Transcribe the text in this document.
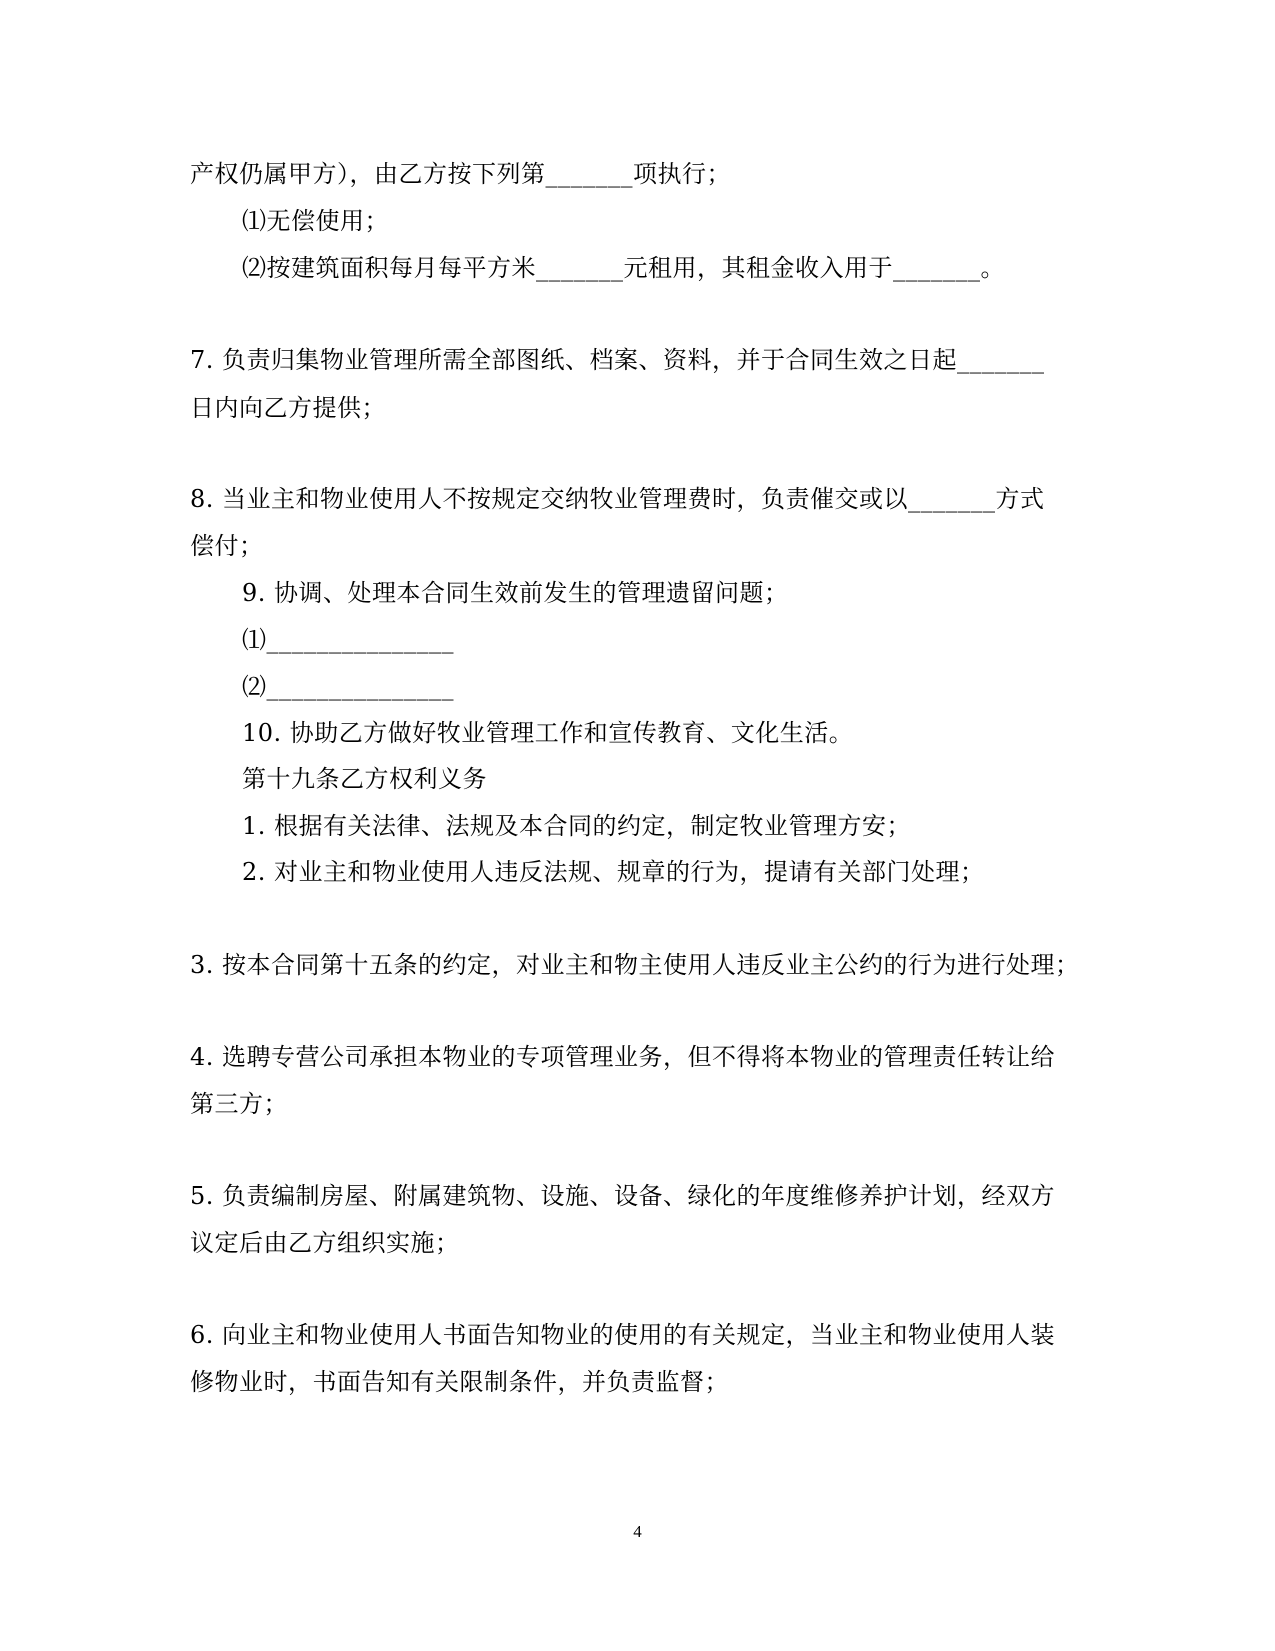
产权仍属甲方），由乙方按下列第_______项执行；
⑴无偿使用；
⑵按建筑面积每月每平方米_______元租用，其租金收入用于_______。
7. 负责归集物业管理所需全部图纸、档案、资料，并于合同生效之日起_______
日内向乙方提供；
8. 当业主和物业使用人不按规定交纳牧业管理费时，负责催交或以_______方式
偿付；
9. 协调、处理本合同生效前发生的管理遗留问题；
⑴_______________
⑵_______________
10. 协助乙方做好牧业管理工作和宣传教育、文化生活。
第十九条乙方权利义务
1. 根据有关法律、法规及本合同的约定，制定牧业管理方安；
2. 对业主和物业使用人违反法规、规章的行为，提请有关部门处理；
3. 按本合同第十五条的约定，对业主和物主使用人违反业主公约的行为进行处理；
4. 选聘专营公司承担本物业的专项管理业务，但不得将本物业的管理责任转让给
第三方；
5. 负责编制房屋、附属建筑物、设施、设备、绿化的年度维修养护计划，经双方
议定后由乙方组织实施；
6. 向业主和物业使用人书面告知物业的使用的有关规定，当业主和物业使用人装
修物业时，书面告知有关限制条件，并负责监督；
4
